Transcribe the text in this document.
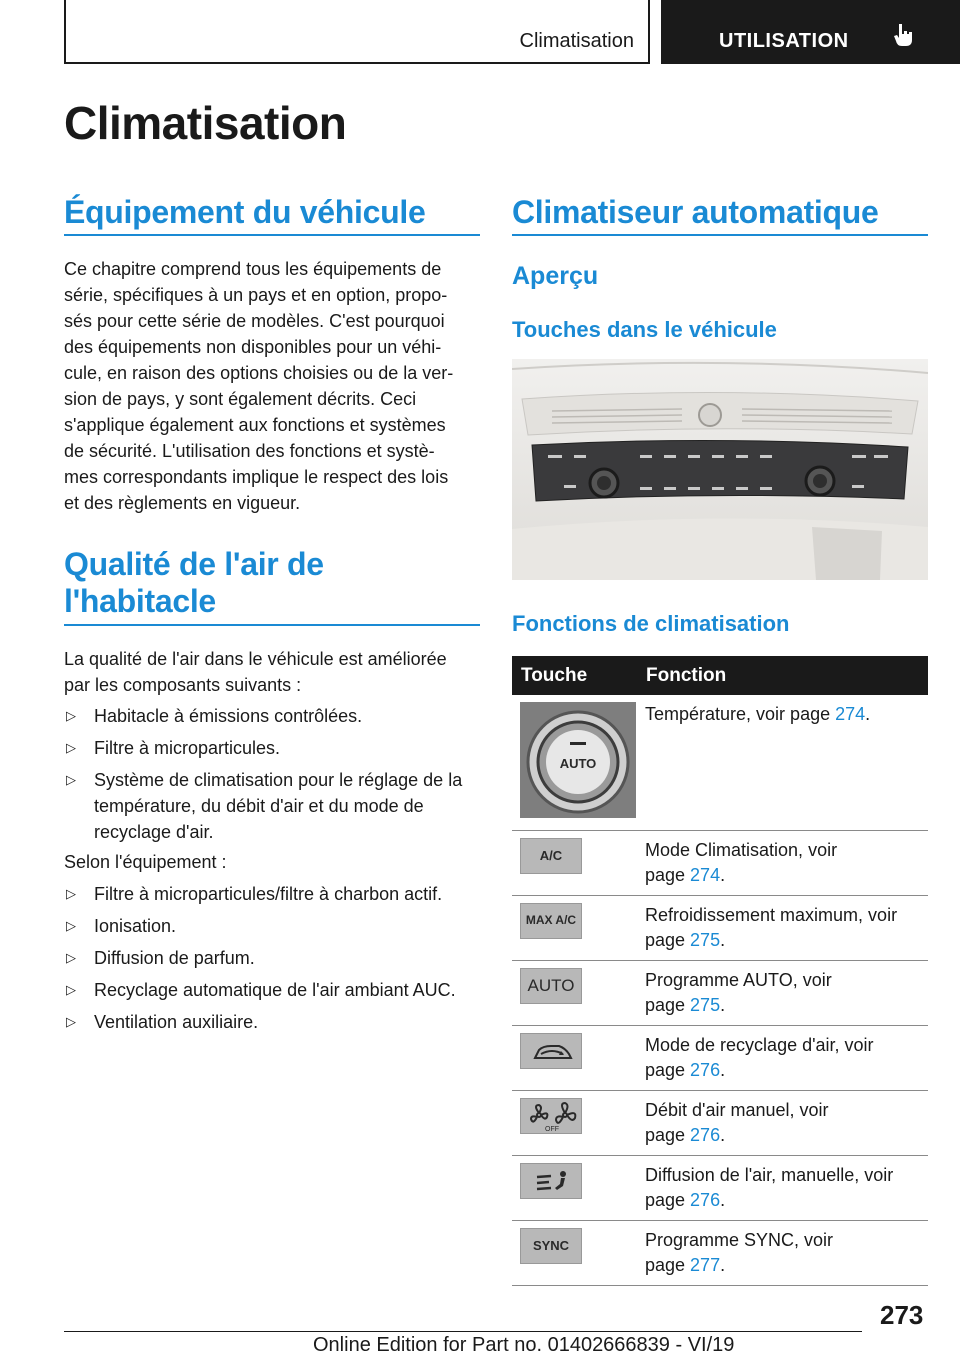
Climatisation	UTILISATION
Climatisation
Équipement du véhicule

Ce chapitre comprend tous les équipements de
série, spécifiques à un pays et en option, propo-
sés pour cette série de modèles. C'est pourquoi
des équipements non disponibles pour un véhi-
cule, en raison des options choisies ou de la ver-
sion de pays, y sont également décrits. Ceci
s'applique également aux fonctions et systèmes
de sécurité. L'utilisation des fonctions et systè-
mes correspondants implique le respect des lois
et des règlements en vigueur.

Qualité de l'air de
l'habitacle

La qualité de l'air dans le véhicule est améliorée
par les composants suivants :

▷ Habitacle à émissions contrôlées.
▷ Filtre à microparticules.
▷ Système de climatisation pour le réglage de la température, du débit d'air et du mode de recyclage d'air.

Selon l'équipement :

▷ Filtre à microparticules/filtre à charbon actif.
▷ Ionisation.
▷ Diffusion de parfum.
▷ Recyclage automatique de l'air ambiant AUC.
▷ Ventilation auxiliaire.
Climatiseur automatique
Aperçu
Touches dans le véhicule
Fonctions de climatisation
Touche	Fonction

AUTO	Température, voir page 274.

A/C	Mode Climatisation, voir
page 274.

MAX A/C	Refroidissement maximum, voir
page 275.

AUTO	Programme AUTO, voir
page 275.

	Mode de recyclage d'air, voir
page 276.

OFF	Débit d'air manuel, voir
page 276.

	Diffusion de l'air, manuelle, voir
page 276.

SYNC	Programme SYNC, voir
page 277.
273
Online Edition for Part no. 01402666839 - VI/19
